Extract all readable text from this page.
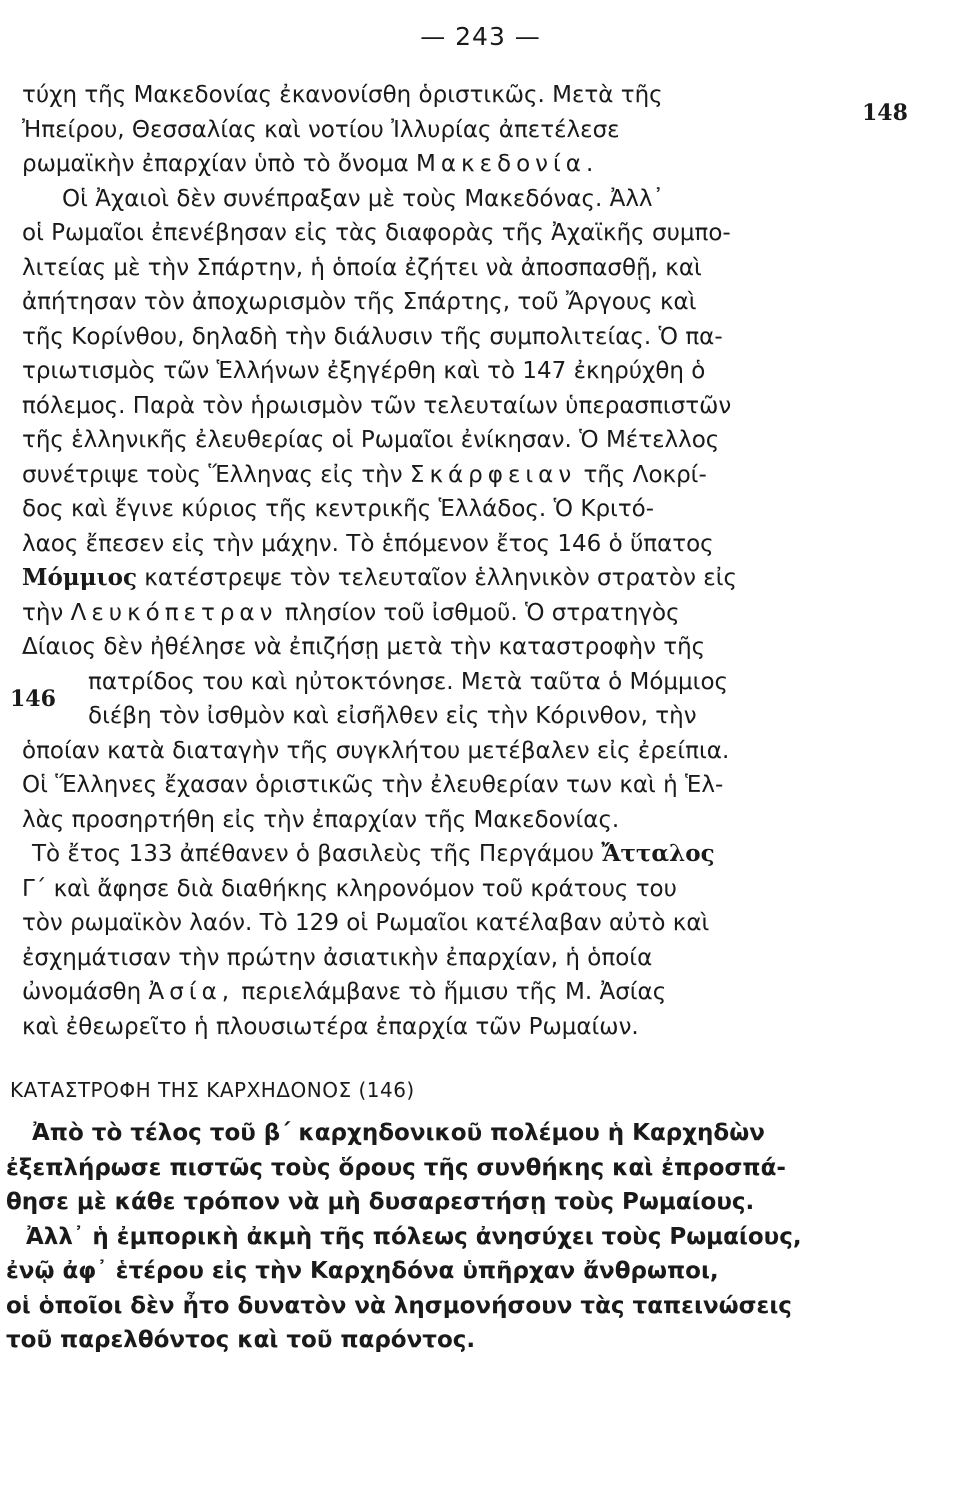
— 243 —
148
146
τύχη τῆς Μακεδονίας ἐκανονίσθη ὁριστικῶς. Μετὰ τῆς
Ἠπείρου, Θεσσαλίας καὶ νοτίου Ἰλλυρίας ἀπετέλεσε
ρωμαϊκὴν ἐπαρχίαν ὑπὸ τὸ ὄνομα Μακεδονία.
Οἱ Ἀχαιοὶ δὲν συνέπραξαν μὲ τοὺς Μακεδόνας. Ἀλλ᾽
οἱ Ρωμαῖοι ἐπενέβησαν εἰς τὰς διαφορὰς τῆς Ἀχαϊκῆς συμπο-
λιτείας μὲ τὴν Σπάρτην, ἡ ὁποία ἐζήτει νὰ ἀποσπασθῇ, καὶ
ἀπήτησαν τὸν ἀποχωρισμὸν τῆς Σπάρτης, τοῦ Ἄργους καὶ
τῆς Κορίνθου, δηλαδὴ τὴν διάλυσιν τῆς συμπολιτείας. Ὁ πα-
τριωτισμὸς τῶν Ἑλλήνων ἐξηγέρθη καὶ τὸ 147 ἐκηρύχθη ὁ
πόλεμος. Παρὰ τὸν ἡρωισμὸν τῶν τελευταίων ὑπερασπιστῶν
τῆς ἑλληνικῆς ἐλευθερίας οἱ Ρωμαῖοι ἐνίκησαν. Ὁ Μέτελλος
συνέτριψε τοὺς Ἕλληνας εἰς τὴν Σκάρφειαν τῆς Λοκρί-
δος καὶ ἔγινε κύριος τῆς κεντρικῆς Ἑλλάδος. Ὁ Κριτό-
λαος ἔπεσεν εἰς τὴν μάχην. Τὸ ἑπόμενον ἔτος 146 ὁ ὕπατος
Μόμμιος κατέστρεψε τὸν τελευταῖον ἑλληνικὸν στρατὸν εἰς
τὴν Λευκόπετραν πλησίον τοῦ ἰσθμοῦ. Ὁ στρατηγὸς
Δίαιος δὲν ἠθέλησε νὰ ἐπιζήσῃ μετὰ τὴν καταστροφὴν τῆς
πατρίδος του καὶ ηὐτοκτόνησε. Μετὰ ταῦτα ὁ Μόμμιος
διέβη τὸν ἰσθμὸν καὶ εἰσῆλθεν εἰς τὴν Κόρινθον, τὴν
ὁποίαν κατὰ διαταγὴν τῆς συγκλήτου μετέβαλεν εἰς ἐρείπια.
Οἱ Ἕλληνες ἔχασαν ὁριστικῶς τὴν ἐλευθερίαν των καὶ ἡ Ἑλ-
λὰς προσηρτήθη εἰς τὴν ἐπαρχίαν τῆς Μακεδονίας.
Τὸ ἔτος 133 ἀπέθανεν ὁ βασιλεὺς τῆς Περγάμου Ἄτταλος
Γ΄ καὶ ἄφησε διὰ διαθήκης κληρονόμον τοῦ κράτους του
τὸν ρωμαϊκὸν λαόν. Τὸ 129 οἱ Ρωμαῖοι κατέλαβαν αὐτὸ καὶ
ἐσχημάτισαν τὴν πρώτην ἀσιατικὴν ἐπαρχίαν, ἡ ὁποία
ὠνομάσθη Ἀσία, περιελάμβανε τὸ ἥμισυ τῆς Μ. Ἀσίας
καὶ ἐθεωρεῖτο ἡ πλουσιωτέρα ἐπαρχία τῶν Ρωμαίων.
ΚΑΤΑΣΤΡΟΦΗ ΤΗΣ ΚΑΡΧΗΔΟΝΟΣ (146)
Ἀπὸ τὸ τέλος τοῦ β΄ καρχηδονικοῦ πολέμου ἡ Καρχηδὼν
ἐξεπλήρωσε πιστῶς τοὺς ὅρους τῆς συνθήκης καὶ ἐπροσπά-
θησε μὲ κάθε τρόπον νὰ μὴ δυσαρεστήσῃ τοὺς Ρωμαίους.
Ἀλλ᾽ ἡ ἐμπορικὴ ἀκμὴ τῆς πόλεως ἀνησύχει τοὺς Ρωμαίους,
ἐνῷ ἀφ᾽ ἑτέρου εἰς τὴν Καρχηδόνα ὑπῆρχαν ἄνθρωποι,
οἱ ὁποῖοι δὲν ἦτο δυνατὸν νὰ λησμονήσουν τὰς ταπεινώσεις
τοῦ παρελθόντος καὶ τοῦ παρόντος.
